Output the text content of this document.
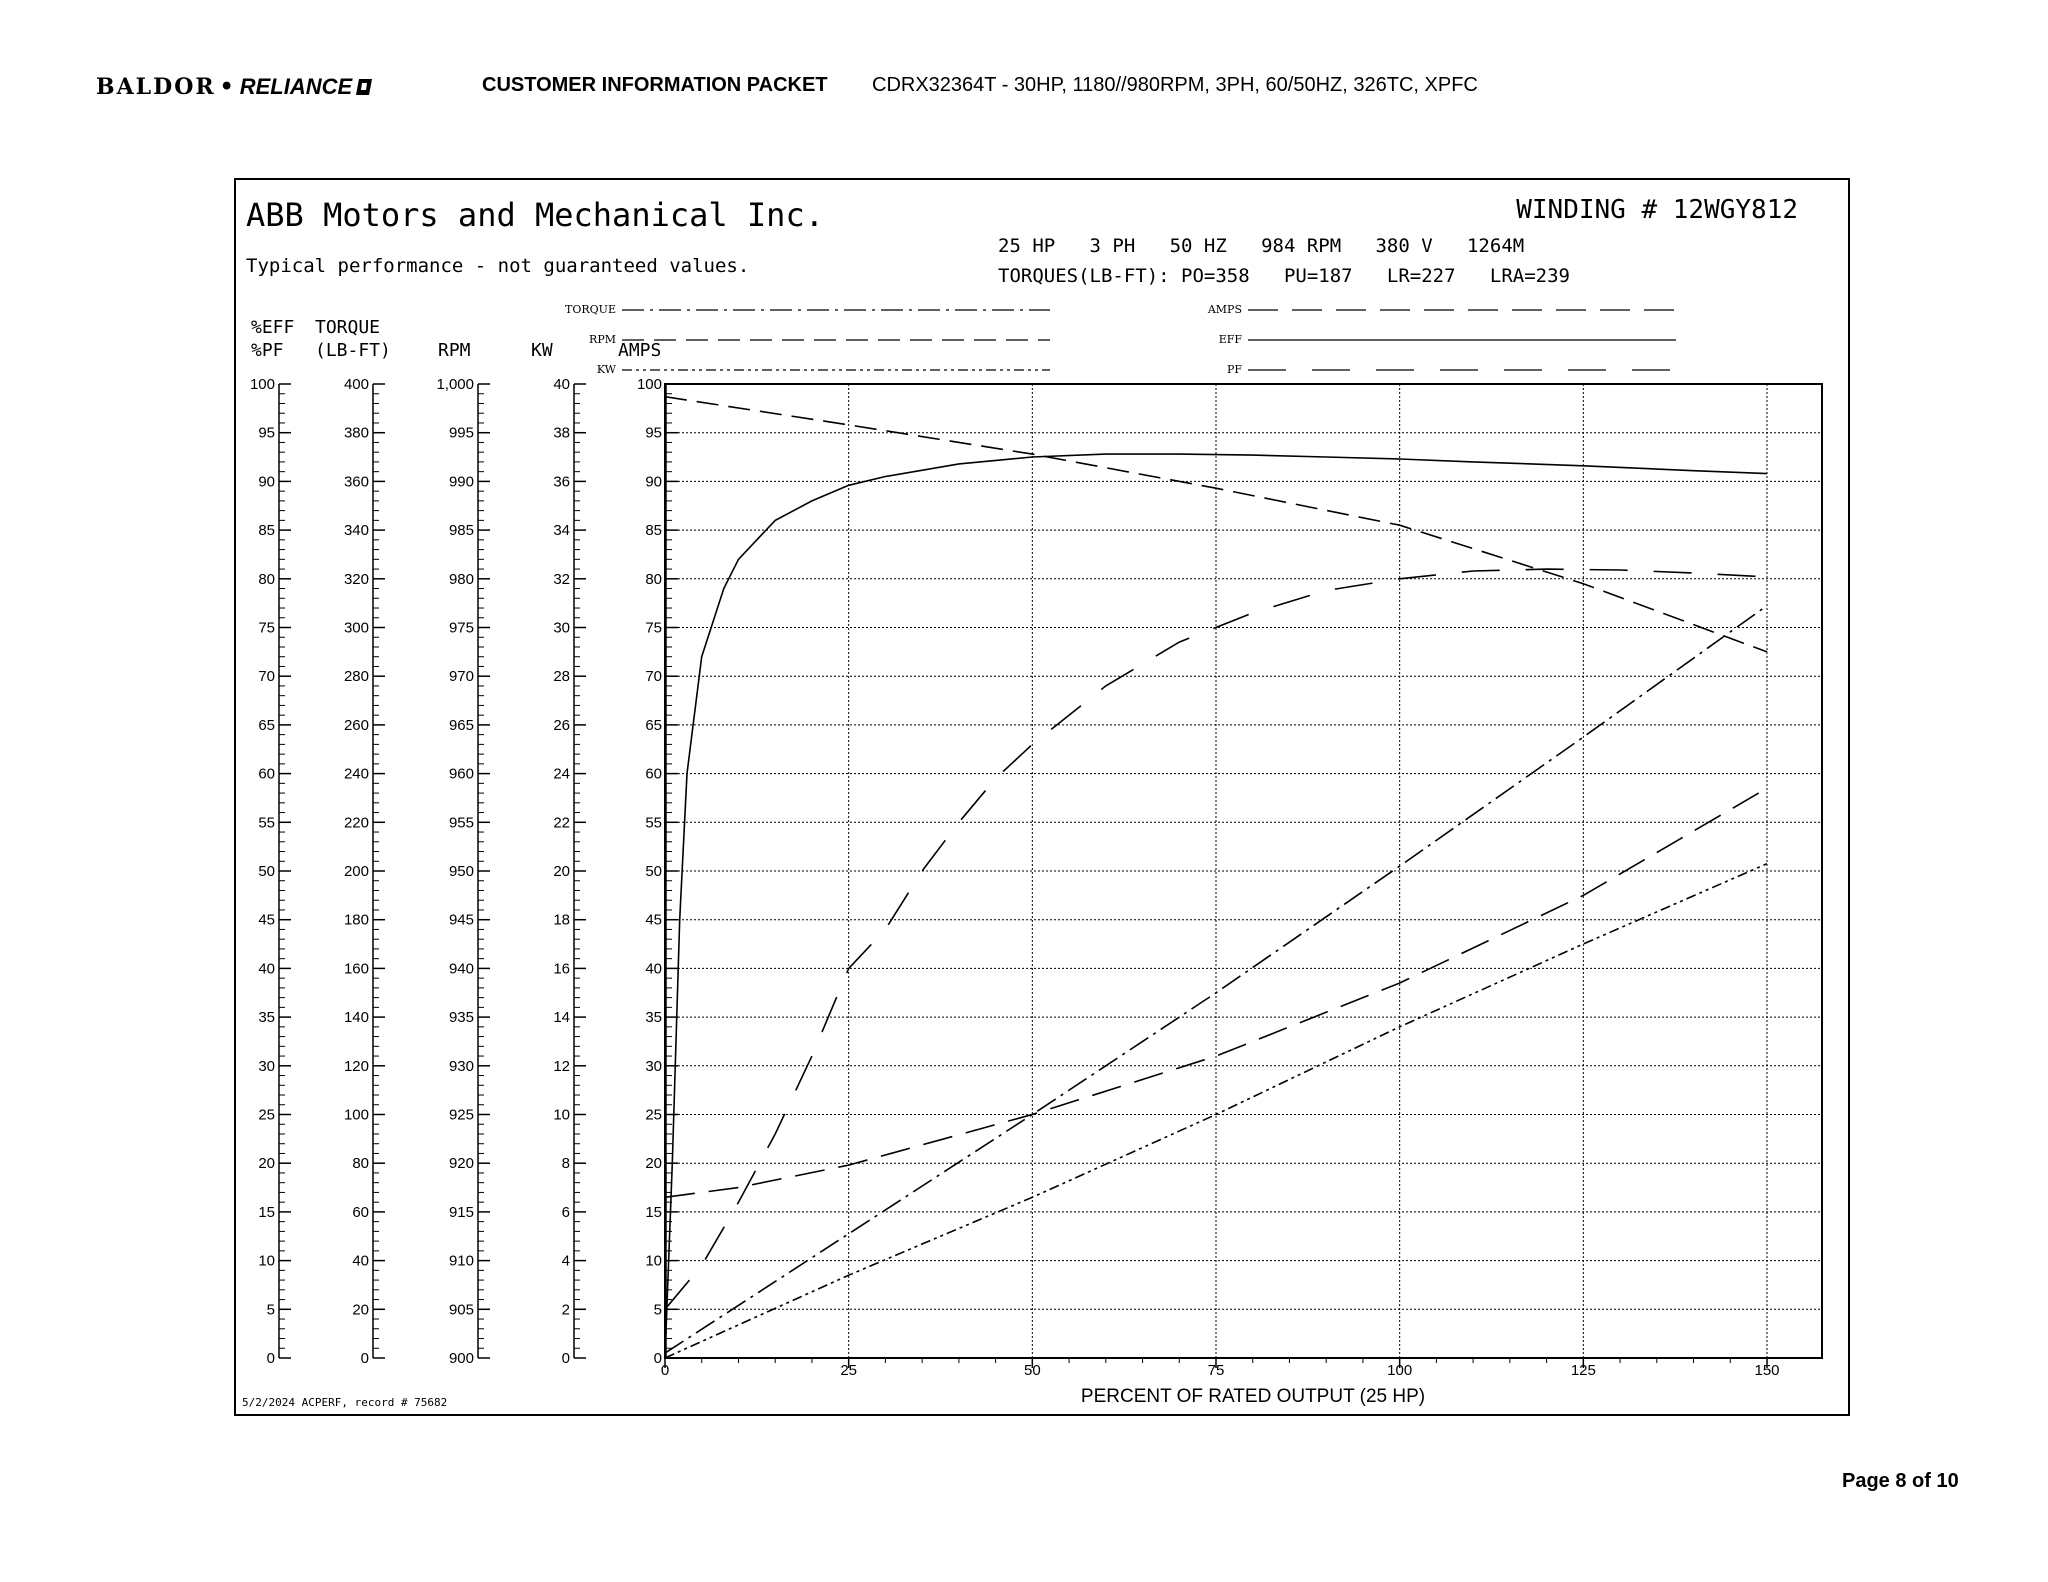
BALDOR • RELIANCE	CUSTOMER INFORMATION PACKET CDRX32364T - 30HP, 1180//980RPM, 3PH, 60/50HZ, 326TC, XPFC
ABB Motors and Mechanical Inc.
Typical performance - not guaranteed values.
WINDING # 12WGY812
25 HP   3 PH   50 HZ   984 RPM   380 V   1264M
TORQUES(LB-FT): PO=358   PU=187   LR=227   LRA=239
5/2/2024 ACPERF, record # 75682	PERCENT OF RATED OUTPUT (25 HP)
TORQUE
RPM
KW
AMPS
EFF
PF
0
5
10
15
20
25
30
35
40
45
50
55
60
65
70
75
80
85
90
95
100
0
20
40
60
80
100
120
140
160
180
200
220
240
260
280
300
320
340
360
380
400
900
905
910
915
920
925
930
935
940
945
950
955
960
965
970
975
980
985
990
995
1,000
0
2
4
6
8
10
12
14
16
18
20
22
24
26
28
30
32
34
36
38
40
0
5
10
15
20
25
30
35
40
45
50
55
60
65
70
75
80
85
90
95
100
%EFF
%PF
TORQUE
(LB-FT)	RPM	KW	AMPS
0	25	50	75	100	125	150
Page 8 of 10
